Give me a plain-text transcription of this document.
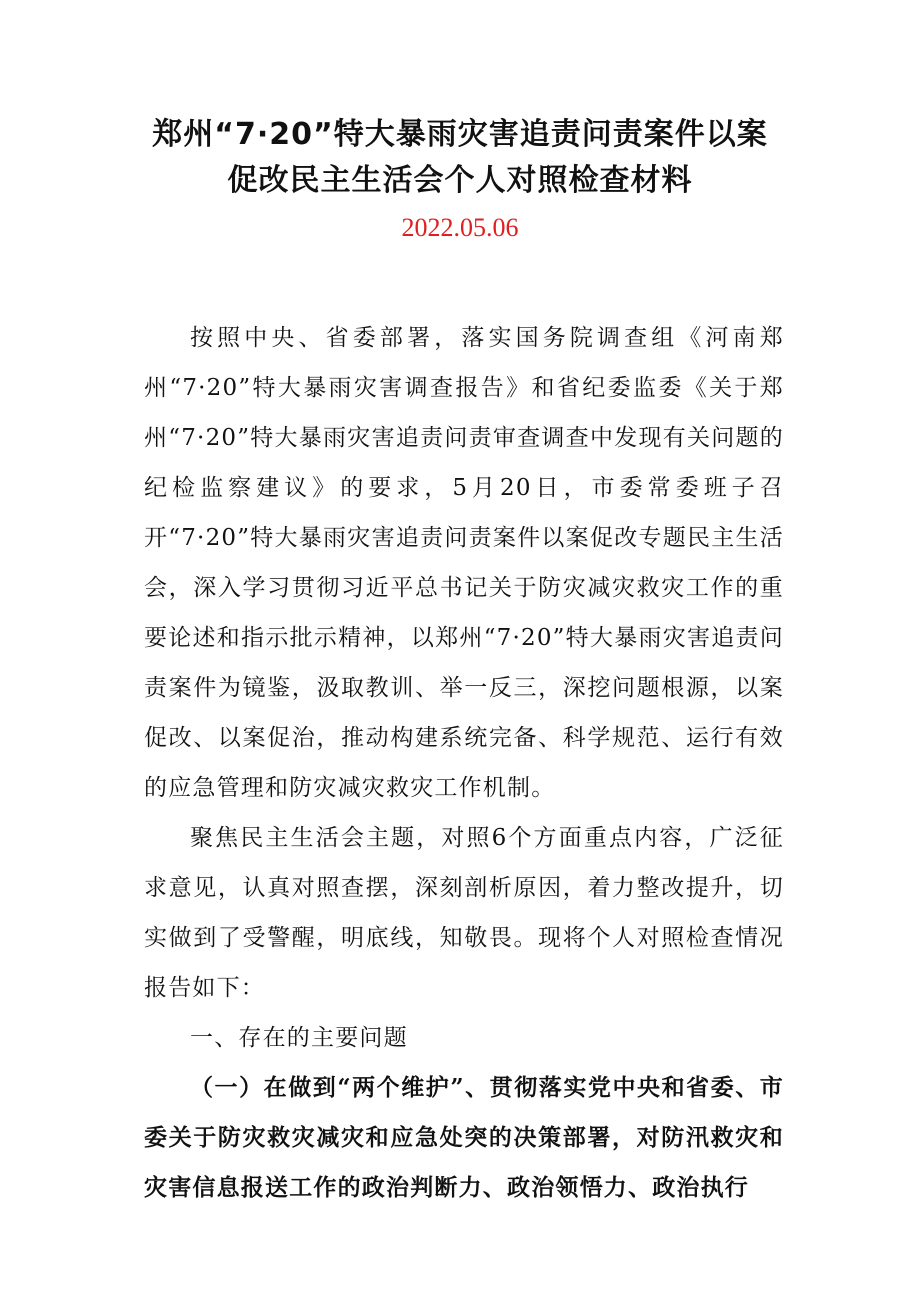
郑州“7·20”特大暴雨灾害追责问责案件以案
促改民主生活会个人对照检查材料
2022.05.06

按照中央、省委部署，落实国务院调查组《河南郑州“7·20”特大暴雨灾害调查报告》和省纪委监委《关于郑州“7·20”特大暴雨灾害追责问责审查调查中发现有关问题的纪检监察建议》的要求，5月20日，市委常委班子召开“7·20”特大暴雨灾害追责问责案件以案促改专题民主生活会，深入学习贯彻习近平总书记关于防灾减灾救灾工作的重要论述和指示批示精神，以郑州“7·20”特大暴雨灾害追责问责案件为镜鉴，汲取教训、举一反三，深挖问题根源，以案促改、以案促治，推动构建系统完备、科学规范、运行有效的应急管理和防灾减灾救灾工作机制。

聚焦民主生活会主题，对照6个方面重点内容，广泛征求意见，认真对照查摆，深刻剖析原因，着力整改提升，切实做到了受警醒，明底线，知敬畏。现将个人对照检查情况报告如下：

一、存在的主要问题

（一）在做到“两个维护”、贯彻落实党中央和省委、市委关于防灾救灾减灾和应急处突的决策部署，对防汛救灾和灾害信息报送工作的政治判断力、政治领悟力、政治执行
